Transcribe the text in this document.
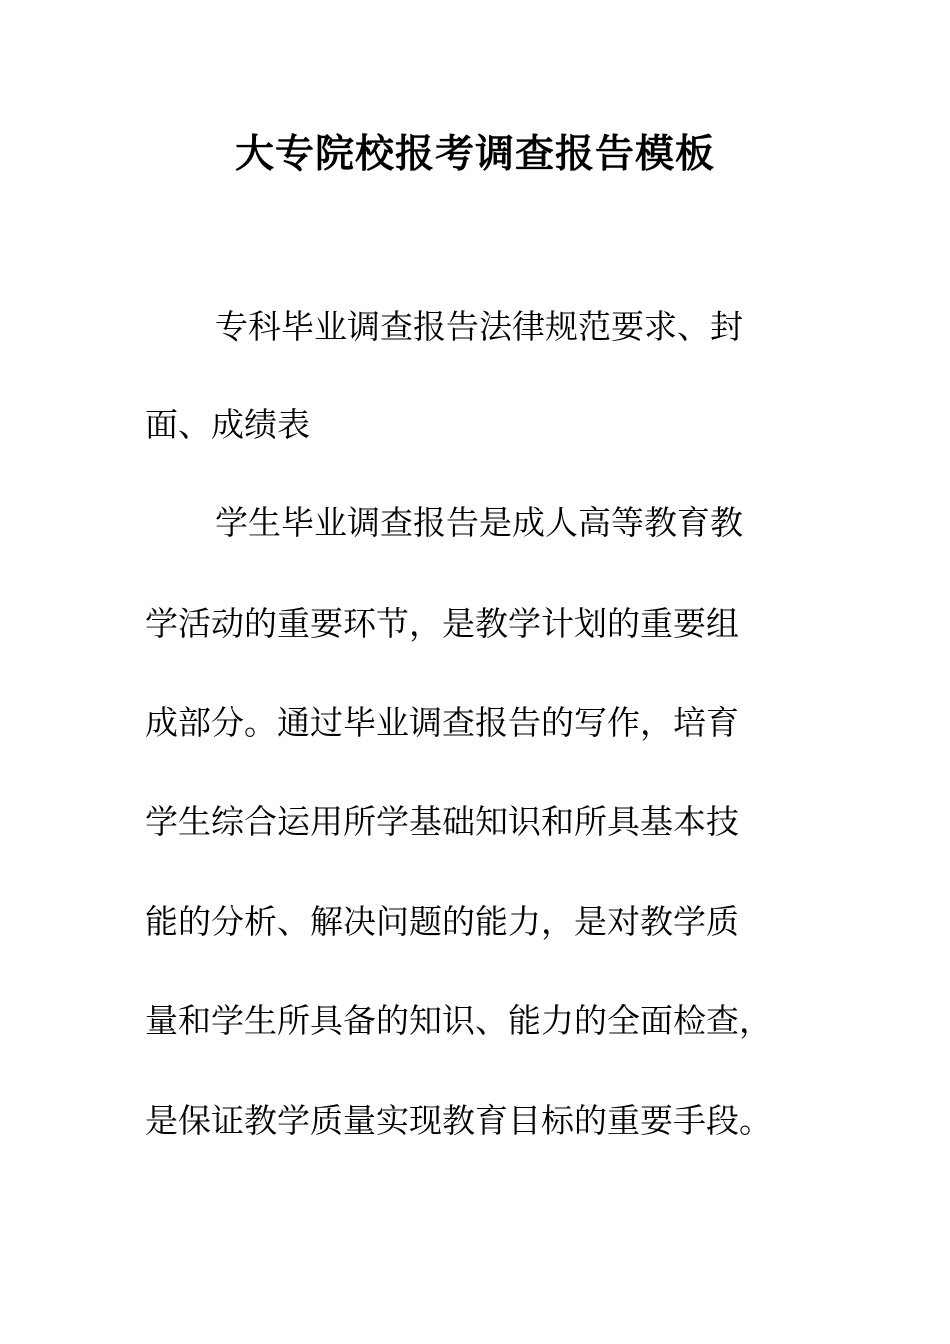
大专院校报考调查报告模板

专科毕业调查报告法律规范要求、封

面、成绩表

学生毕业调查报告是成人高等教育教

学活动的重要环节，是教学计划的重要组

成部分。通过毕业调查报告的写作，培育

学生综合运用所学基础知识和所具基本技

能的分析、解决问题的能力，是对教学质

量和学生所具备的知识、能力的全面检查，

是保证教学质量实现教育目标的重要手段。
